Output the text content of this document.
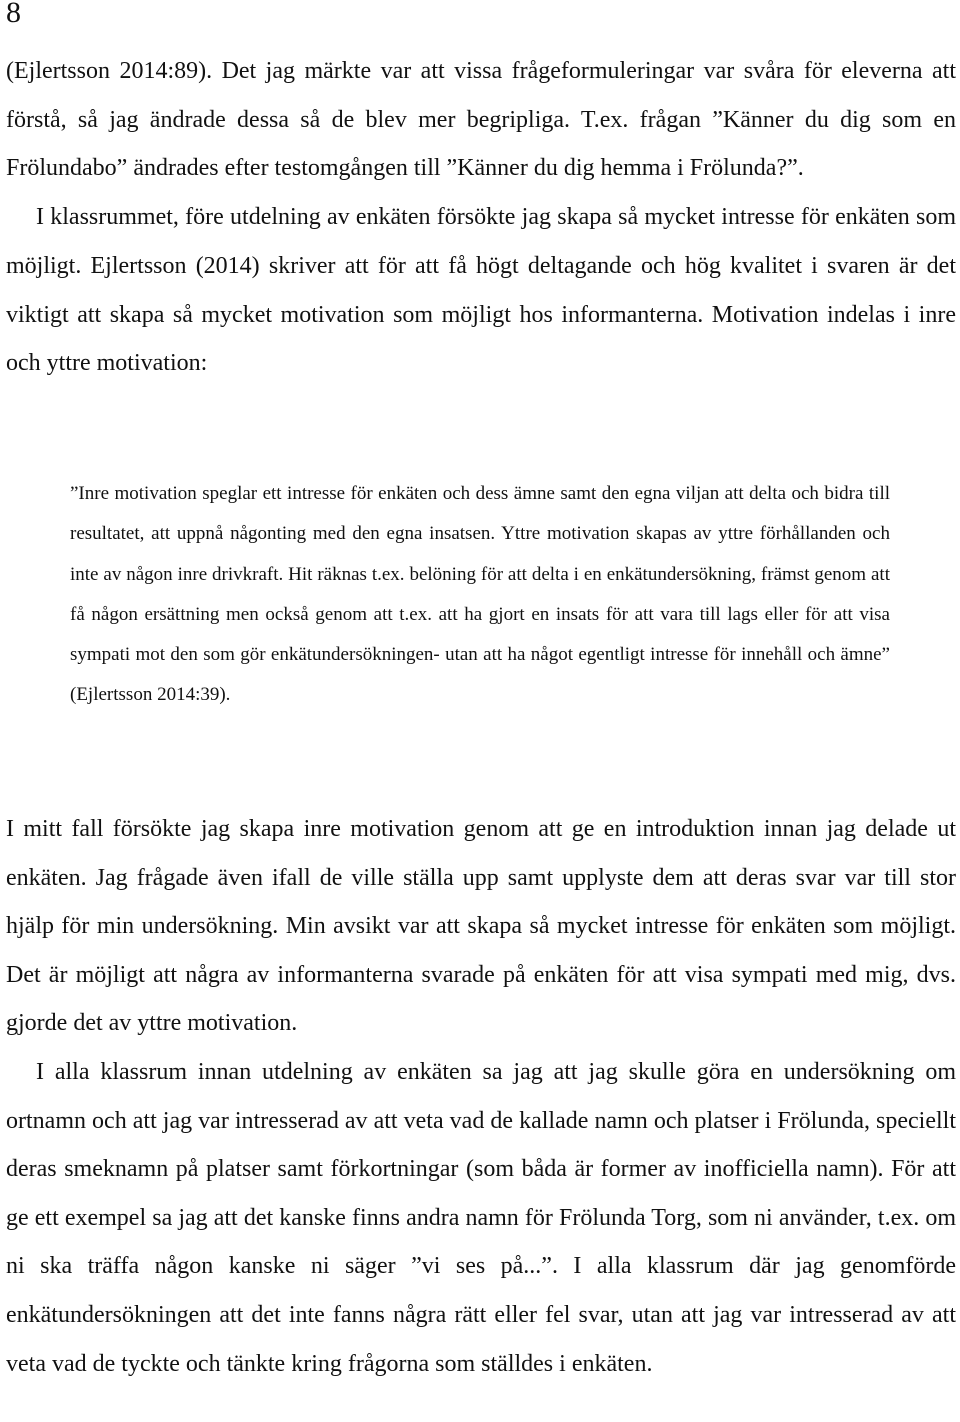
8

(Ejlertsson 2014:89). Det jag märkte var att vissa frågeformuleringar var svåra för eleverna att förstå, så jag ändrade dessa så de blev mer begripliga. T.ex. frågan ”Känner du dig som en Frölundabo” ändrades efter testomgången till ”Känner du dig hemma i Frölunda?”.
I klassrummet, före utdelning av enkäten försökte jag skapa så mycket intresse för enkäten som möjligt. Ejlertsson (2014) skriver att för att få högt deltagande och hög kvalitet i svaren är det viktigt att skapa så mycket motivation som möjligt hos informanterna. Motivation indelas i inre och yttre motivation:

”Inre motivation speglar ett intresse för enkäten och dess ämne samt den egna viljan att delta och bidra till resultatet, att uppnå någonting med den egna insatsen. Yttre motivation skapas av yttre förhållanden och inte av någon inre drivkraft. Hit räknas t.ex. belöning för att delta i en enkätundersökning, främst genom att få någon ersättning men också genom att t.ex. att ha gjort en insats för att vara till lags eller för att visa sympati mot den som gör enkätundersökningen- utan att ha något egentligt intresse för innehåll och ämne” (Ejlertsson 2014:39).

I mitt fall försökte jag skapa inre motivation genom att ge en introduktion innan jag delade ut enkäten. Jag frågade även ifall de ville ställa upp samt upplyste dem att deras svar var till stor hjälp för min undersökning. Min avsikt var att skapa så mycket intresse för enkäten som möjligt. Det är möjligt att några av informanterna svarade på enkäten för att visa sympati med mig, dvs. gjorde det av yttre motivation.
I alla klassrum innan utdelning av enkäten sa jag att jag skulle göra en undersökning om ortnamn och att jag var intresserad av att veta vad de kallade namn och platser i Frölunda, speciellt deras smeknamn på platser samt förkortningar (som båda är former av inofficiella namn). För att ge ett exempel sa jag att det kanske finns andra namn för Frölunda Torg, som ni använder, t.ex. om ni ska träffa någon kanske ni säger ”vi ses på...”. I alla klassrum där jag genomförde enkätundersökningen att det inte fanns några rätt eller fel svar, utan att jag var intresserad av att veta vad de tyckte och tänkte kring frågorna som ställdes i enkäten.
